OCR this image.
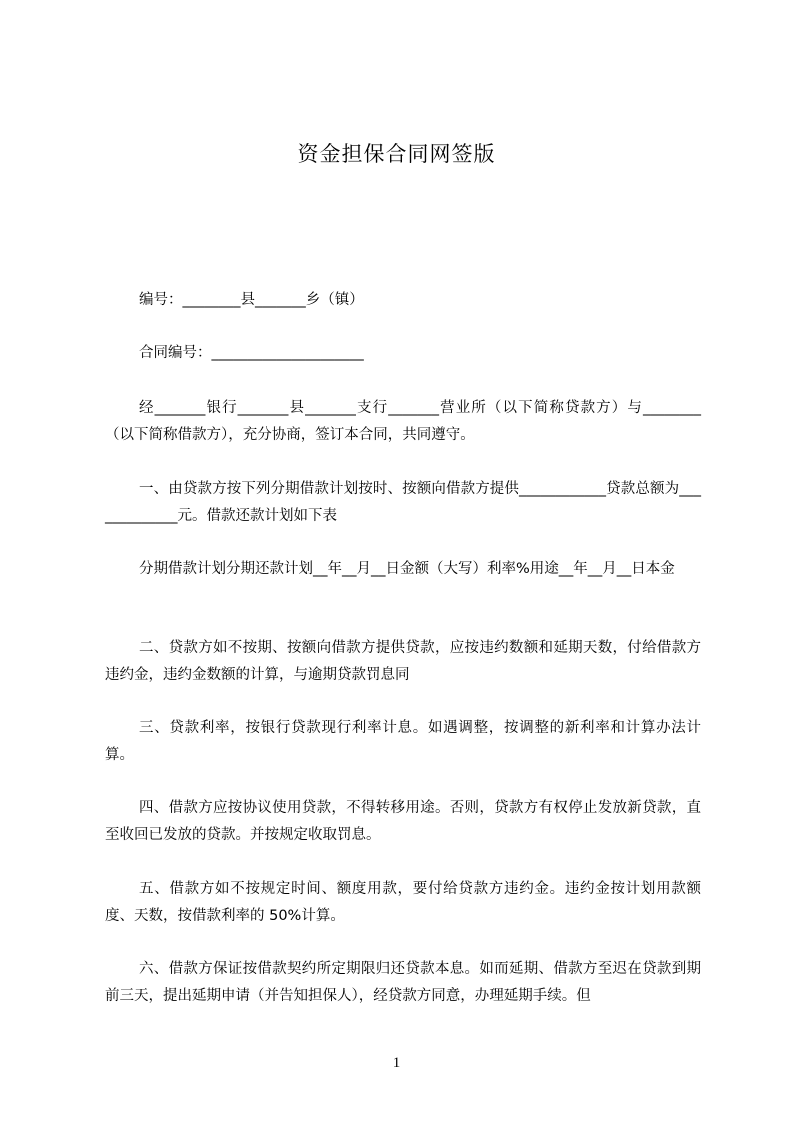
资金担保合同网签版
编号：________县_______乡（镇）
合同编号：_____________________
经_______银行_______县_______支行_______营业所（以下简称贷款方）与________（以下简称借款方），充分协商，签订本合同，共同遵守。
一、由贷款方按下列分期借款计划按时、按额向借款方提供____________贷款总额为_____________元。借款还款计划如下表
分期借款计划分期还款计划__年__月__日金额（大写）利率%用途__年__月__日本金
二、贷款方如不按期、按额向借款方提供贷款，应按违约数额和延期天数，付给借款方违约金，违约金数额的计算，与逾期贷款罚息同
三、贷款利率，按银行贷款现行利率计息。如遇调整，按调整的新利率和计算办法计算。
四、借款方应按协议使用贷款，不得转移用途。否则，贷款方有权停止发放新贷款，直至收回已发放的贷款。并按规定收取罚息。
五、借款方如不按规定时间、额度用款，要付给贷款方违约金。违约金按计划用款额度、天数，按借款利率的 50%计算。
六、借款方保证按借款契约所定期限归还贷款本息。如而延期、借款方至迟在贷款到期前三天，提出延期申请（并告知担保人），经贷款方同意，办理延期手续。但
1
